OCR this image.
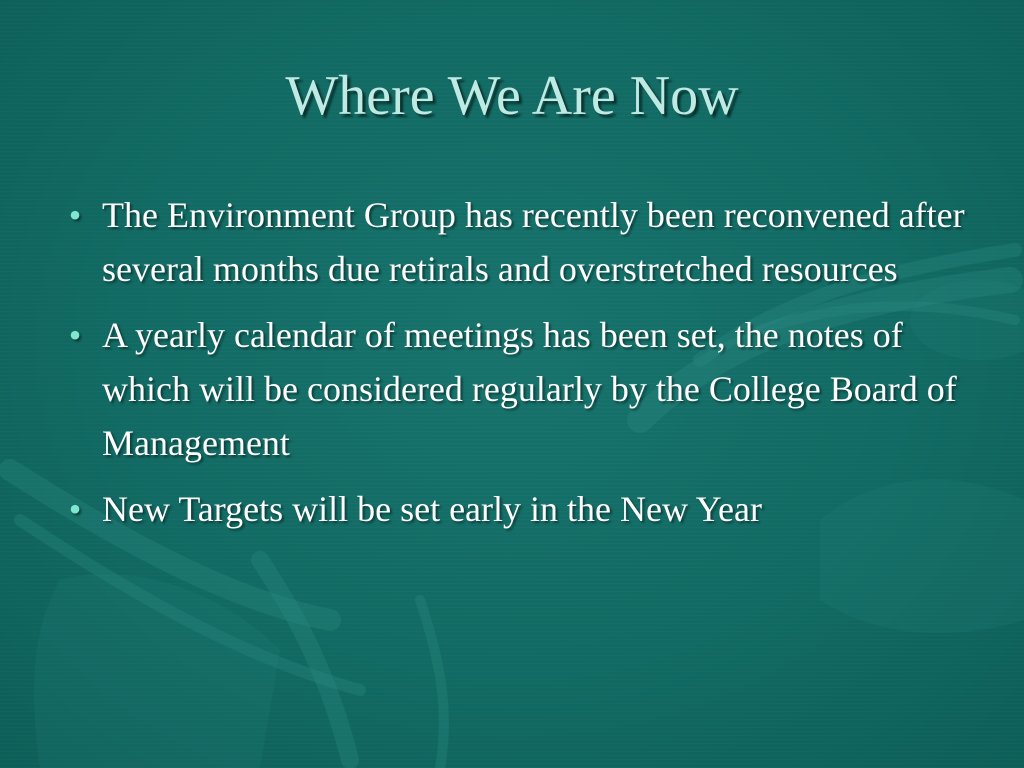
Where We Are Now
• The Environment Group has recently been reconvened after several months due retirals and overstretched resources
• A yearly calendar of meetings has been set, the notes of which will be considered regularly by the College Board of Management
• New Targets will be set early in the New Year
